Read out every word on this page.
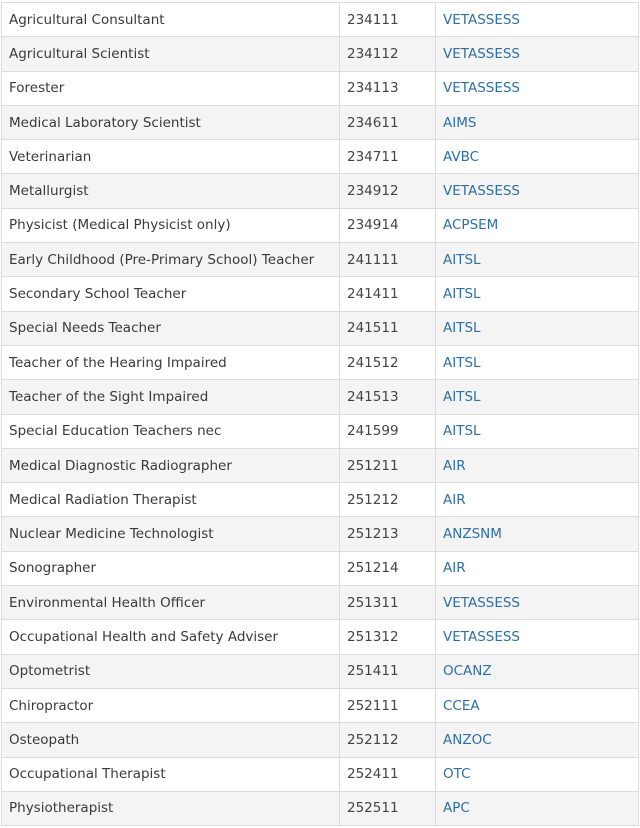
Agricultural Consultant	234111	VETASSESS
Agricultural Scientist	234112	VETASSESS
Forester	234113	VETASSESS
Medical Laboratory Scientist	234611	AIMS
Veterinarian	234711	AVBC
Metallurgist	234912	VETASSESS
Physicist (Medical Physicist only)	234914	ACPSEM
Early Childhood (Pre-Primary School) Teacher	241111	AITSL
Secondary School Teacher	241411	AITSL
Special Needs Teacher	241511	AITSL
Teacher of the Hearing Impaired	241512	AITSL
Teacher of the Sight Impaired	241513	AITSL
Special Education Teachers nec	241599	AITSL
Medical Diagnostic Radiographer	251211	AIR
Medical Radiation Therapist	251212	AIR
Nuclear Medicine Technologist	251213	ANZSNM
Sonographer	251214	AIR
Environmental Health Officer	251311	VETASSESS
Occupational Health and Safety Adviser	251312	VETASSESS
Optometrist	251411	OCANZ
Chiropractor	252111	CCEA
Osteopath	252112	ANZOC
Occupational Therapist	252411	OTC
Physiotherapist	252511	APC
